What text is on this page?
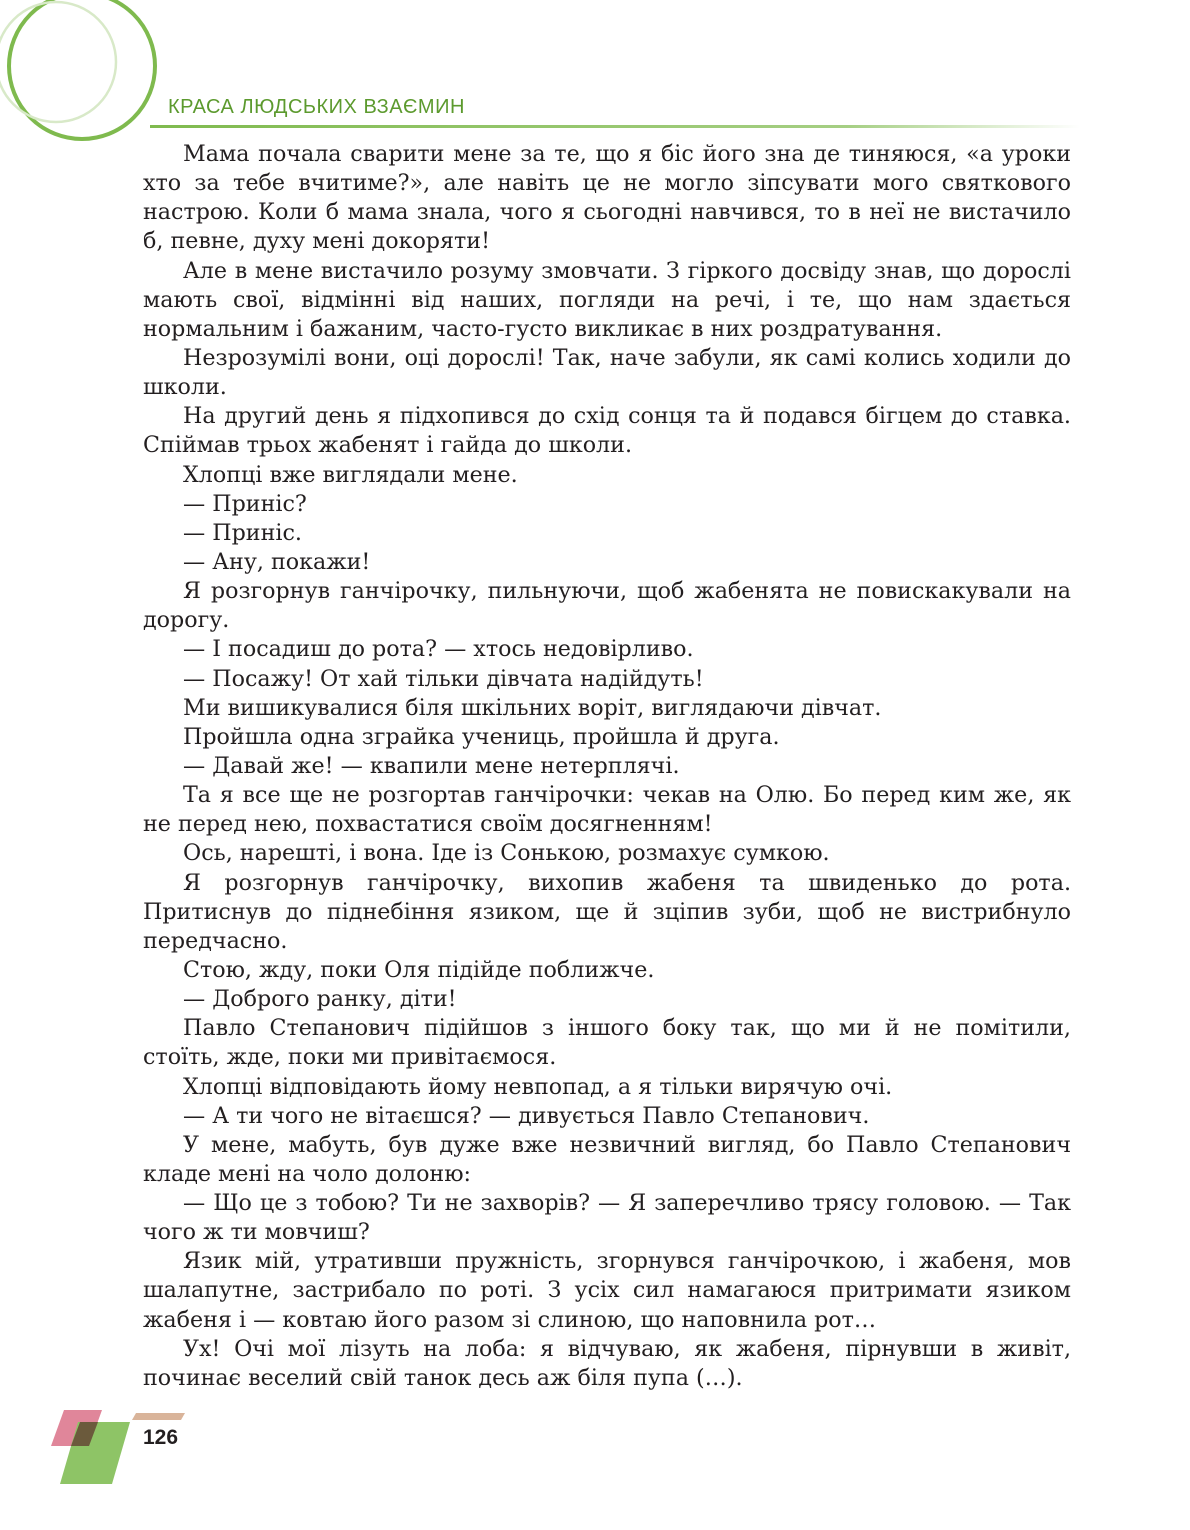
КРАСА ЛЮДСЬКИХ ВЗАЄМИН

Мама почала сварити мене за те, що я біс його зна де тиняюся, «а уроки хто за тебе вчитиме?», але навіть це не могло зіпсувати мого святкового настрою. Коли б мама знала, чого я сьогодні навчився, то в неї не вистачило б, певне, духу мені докоряти!

Але в мене вистачило розуму змовчати. З гіркого досвіду знав, що дорослі мають свої, відмінні від наших, погляди на речі, і те, що нам здається нормальним і бажаним, часто-густо викликає в них роздратування.

Незрозумілі вони, оці дорослі! Так, наче забули, як самі колись ходили до школи.

На другий день я підхопився до схід сонця та й подався бігцем до ставка. Спіймав трьох жабенят і гайда до школи.

Хлопці вже виглядали мене.

— Приніс?

— Приніс.

— Ану, покажи!

Я розгорнув ганчірочку, пильнуючи, щоб жабенята не повискакували на дорогу.

— І посадиш до рота? — хтось недовірливо.

— Посажу! От хай тільки дівчата надійдуть!

Ми вишикувалися біля шкільних воріт, виглядаючи дівчат.

Пройшла одна зграйка учениць, пройшла й друга.

— Давай же! — квапили мене нетерплячі.

Та я все ще не розгортав ганчірочки: чекав на Олю. Бо перед ким же, як не перед нею, похвастатися своїм досягненням!

Ось, нарешті, і вона. Іде із Сонькою, розмахує сумкою.

Я розгорнув ганчірочку, вихопив жабеня та швиденько до рота. Притиснув до піднебіння язиком, ще й зціпив зуби, щоб не вистрибнуло передчасно.

Стою, жду, поки Оля підійде поближче.

— Доброго ранку, діти!

Павло Степанович підійшов з іншого боку так, що ми й не помітили, стоїть, жде, поки ми привітаємося.

Хлопці відповідають йому невпопад, а я тільки вирячую очі.

— А ти чого не вітаєшся? — дивується Павло Степанович.

У мене, мабуть, був дуже вже незвичний вигляд, бо Павло Степанович кладе мені на чоло долоню:

— Що це з тобою? Ти не захворів? — Я заперечливо трясу головою. — Так чого ж ти мовчиш?

Язик мій, утративши пружність, згорнувся ганчірочкою, і жабеня, мов шалапутне, застрибало по роті. З усіх сил намагаюся притримати язиком жабеня і — ковтаю його разом зі слиною, що наповнила рот…

Ух! Очі мої лізуть на лоба: я відчуваю, як жабеня, пірнувши в живіт, починає веселий свій танок десь аж біля пупа (…).

126
